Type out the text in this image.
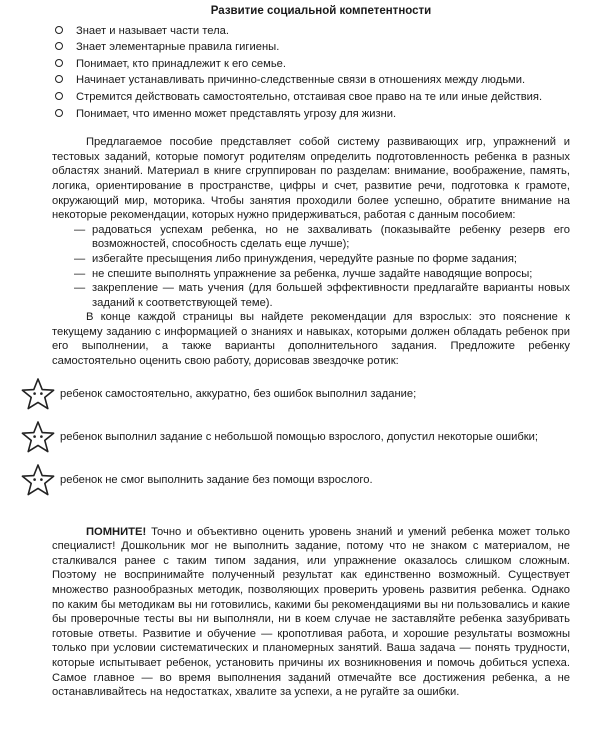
Развитие социальной компетентности
Знает и называет части тела.
Знает элементарные правила гигиены.
Понимает, кто принадлежит к его семье.
Начинает устанавливать причинно-следственные связи в отношениях между людьми.
Стремится действовать самостоятельно, отстаивая свое право на те или иные действия.
Понимает, что именно может представлять угрозу для жизни.

Предлагаемое пособие представляет собой систему развивающих игр, упражнений и тестовых заданий, которые помогут родителям определить подготовленность ребенка в разных областях знаний. Материал в книге сгруппирован по разделам: внимание, воображение, память, логика, ориентирование в пространстве, цифры и счет, развитие речи, подготовка к грамоте, окружающий мир, моторика. Чтобы занятия проходили более успешно, обратите внимание на некоторые рекомендации, которых нужно придерживаться, работая с данным пособием:

— радоваться успехам ребенка, но не захваливать (показывайте ребенку резерв его возможностей, способность сделать еще лучше);
— избегайте пресыщения либо принуждения, чередуйте разные по форме задания;
— не спешите выполнять упражнение за ребенка, лучше задайте наводящие вопросы;
— закрепление — мать учения (для большей эффективности предлагайте варианты новых заданий к соответствующей теме).

В конце каждой страницы вы найдете рекомендации для взрослых: это пояснение к текущему заданию с информацией о знаниях и навыках, которыми должен обладать ребенок при его выполнении, а также варианты дополнительного задания. Предложите ребенку самостоятельно оценить свою работу, дорисовав звездочке ротик:

ребенок самостоятельно, аккуратно, без ошибок выполнил задание;
ребенок выполнил задание с небольшой помощью взрослого, допустил некоторые ошибки;
ребенок не смог выполнить задание без помощи взрослого.

ПОМНИТЕ! Точно и объективно оценить уровень знаний и умений ребенка может только специалист! Дошкольник мог не выполнить задание, потому что не знаком с материалом, не сталкивался ранее с таким типом задания, или упражнение оказалось слишком сложным. Поэтому не воспринимайте полученный результат как единственно возможный. Существует множество разнообразных методик, позволяющих проверить уровень развития ребенка. Однако по каким бы методикам вы ни готовились, какими бы рекомендациями вы ни пользовались и какие бы проверочные тесты вы ни выполняли, ни в коем случае не заставляйте ребенка зазубривать готовые ответы. Развитие и обучение — кропотливая работа, и хорошие результаты возможны только при условии систематических и планомерных занятий. Ваша задача — понять трудности, которые испытывает ребенок, установить причины их возникновения и помочь добиться успеха. Самое главное — во время выполнения заданий отмечайте все достижения ребенка, а не останавливайтесь на недостатках, хвалите за успехи, а не ругайте за ошибки.
